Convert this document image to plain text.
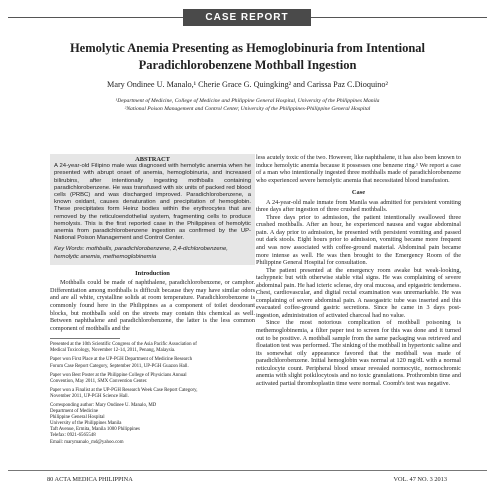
CASE REPORT
Hemolytic Anemia Presenting as Hemoglobinuria from Intentional Paradichlorobenzene Mothball Ingestion
Mary Ondinee U. Manalo,¹ Cherie Grace G. Quingking² and Carissa Paz C.Dioquino²
¹Department of Medicine, College of Medicine and Philippine General Hospital, University of the Philippines Manila
²National Poison Management and Control Center, University of the Philippines-Philippine General Hospital
ABSTRACT

A 24-year-old Filipino male was diagnosed with hemolytic anemia when he presented with abrupt onset of anemia, hemoglobinuria, and increased bilirubins, after intentionally ingesting mothballs containing paradichlorobenzene. He was transfused with six units of packed red blood cells (PRBC) and was discharged improved. Paradichlorobenzene, a known oxidant, causes denaturation and precipitation of hemoglobin. These precipitates form Heinz bodies within the erythrocytes that are removed by the reticuloendothelial system, fragmenting cells to produce hemolysis. This is the first reported case in the Philippines of hemolytic anemia from paradichlorobenzene ingestion as confirmed by the UP-National Poison Management and Control Center.

Key Words: mothballs, paradichlorobenzene, 2,4-dichlorobenzene, hemolytic anemia, methemoglobinemia
Introduction

Mothballs could be made of naphthalene, paradichlorobenzene, or camphor. Differentiation among mothballs is difficult because they may have similar odors and are all white, crystalline solids at room temperature. Paradichlorobenzene is commonly found here in the Philippines as a component of toilet deodorant blocks, but mothballs sold on the streets may contain this chemical as well. Between naphthalene and paradichlorobenzene, the latter is the less common component of mothballs and the

Presented at the 10th Scientific Congress of the Asia Pacific Association of
Medical Toxicology, November 12-14, 2011, Penang, Malaysia.
Paper won First Place at the UP-PGH Department of Medicine Research
Forum Case Report Category, September 2011, UP-PGH Guazon Hall.
Paper won Best Poster at the Philippine College of Physicians Annual
Convention, May 2011, SMX Convention Center.
Paper won a Finalist at the UP-PGH Research Week Case Report Category,
November 2011, UP-PGH Science Hall.
Corresponding author: Mary Ondinee U. Manalo, MD
Department of Medicine
Philippine General Hospital
University of the Philippines Manila
Taft Avenue, Ermita, Manila 1000 Philippines
Telefax: 0921-6565548
Email: marymanalo_md@yahoo.com

less acutely toxic of the two. However, like naphthalene, it has also been known to induce hemolytic anemia because it possesses one benzene ring.¹ We report a case of a man who intentionally ingested three mothballs made of paradichlorobenzene who experienced severe hemolytic anemia that necessitated blood transfusion.

Case

A 24-year-old male inmate from Manila was admitted for persistent vomiting three days after ingestion of three crushed mothballs.

Three days prior to admission, the patient intentionally swallowed three crushed mothballs. After an hour, he experienced nausea and vague abdominal pain. A day prior to admission, he presented with persistent vomiting and passed out dark stools. Eight hours prior to admission, vomiting became more frequent and was now associated with coffee-ground material. Abdominal pain became more intense as well. He was then brought to the Emergency Room of the Philippine General Hospital for consultation.

The patient presented at the emergency room awake but weak-looking, tachypneic but with otherwise stable vital signs. He was complaining of severe abdominal pain. He had icteric sclerae, dry oral mucosa, and epigastric tenderness. Chest, cardiovascular, and digital rectal examination was unremarkable. He was complaining of severe abdominal pain. A nasogastric tube was inserted and this evacuated coffee-ground gastric secretions. Since he came in 3 days post-ingestion, administration of activated charcoal had no value.

Since the most notorious complication of mothball poisoning is methemoglobinemia, a filter paper test to screen for this was done and it turned out to be positive. A mothball sample from the same packaging was retrieved and floatation test was performed. The sinking of the mothball in hypertonic saline and its somewhat oily appearance favored that the mothball was made of paradichlorobenzene. Initial hemoglobin was normal at 120 mg/dL with a normal reticulocyte count. Peripheral blood smear revealed normocytic, normochromic anemia with slight poikilocytosis and no toxic granulations. Prothrombin time and activated partial thromboplastin time were normal. Coomb's test was negative.

80 ACTA MEDICA PHILIPPINA	VOL. 47 NO. 3 2013
